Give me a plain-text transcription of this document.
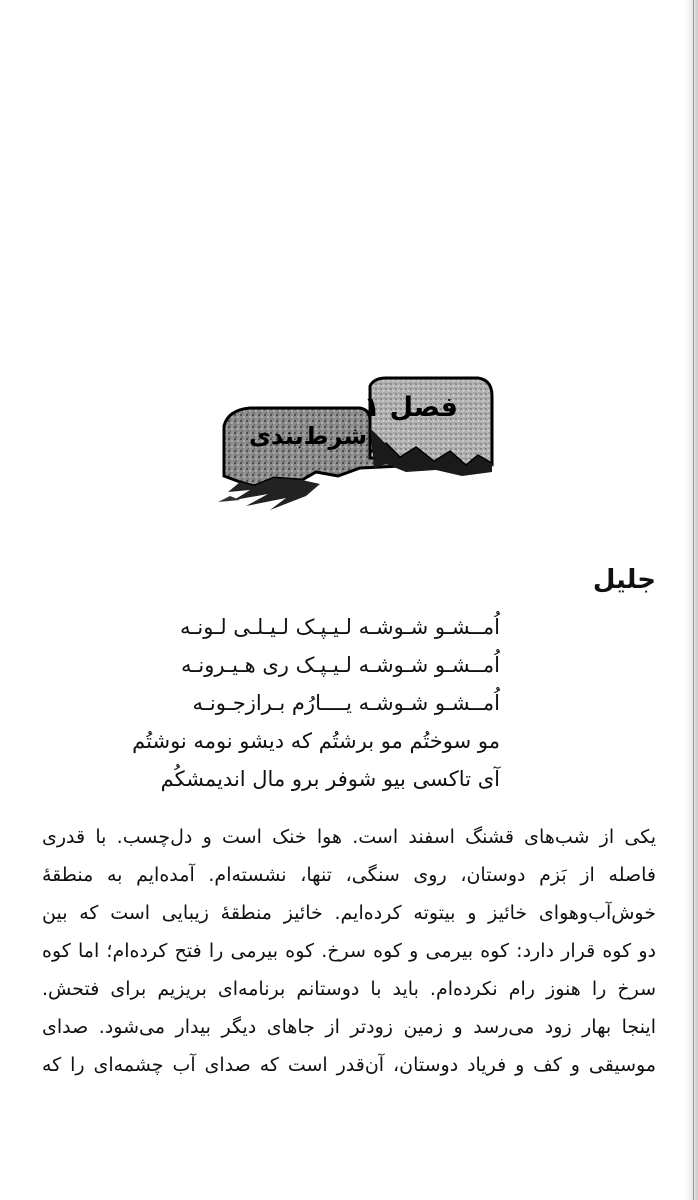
فصل ۱
شرط‌بندی
جلیل
اُمــشـو شـوشـه لـیـپـک لـیـلـی لـونـه
اُمــشـو شـوشـه لـیـپـک ری هـیـرونـه
اُمــشـو شـوشـه یــــارُم بـرازجـونـه
مو سوختُم مو برشتُم که دیشو نومه نوشتُم
آی تاکسی بیو شوفر برو مال اندیمشکُم
یکی از شب‌های قشنگ اسفند است. هوا خنک است و دل‌چسب. با قدری
فاصله از بَزم دوستان، روی سنگی، تنها، نشسته‌ام. آمده‌ایم به منطقهٔ
خوش‌آب‌وهوای خائیز و بیتوته کرده‌ایم. خائیز منطقهٔ زیبایی است که بین
دو کوه قرار دارد: کوه بیرمی و کوه سرخ. کوه بیرمی را فتح کرده‌ام؛ اما کوه
سرخ را هنوز رام نکرده‌ام. باید با دوستانم برنامه‌ای بریزیم برای فتحش.
اینجا بهار زود می‌رسد و زمین زودتر از جاهای دیگر بیدار می‌شود. صدای
موسیقی و کف و فریاد دوستان، آن‌قدر است که صدای آب چشمه‌ای را که
